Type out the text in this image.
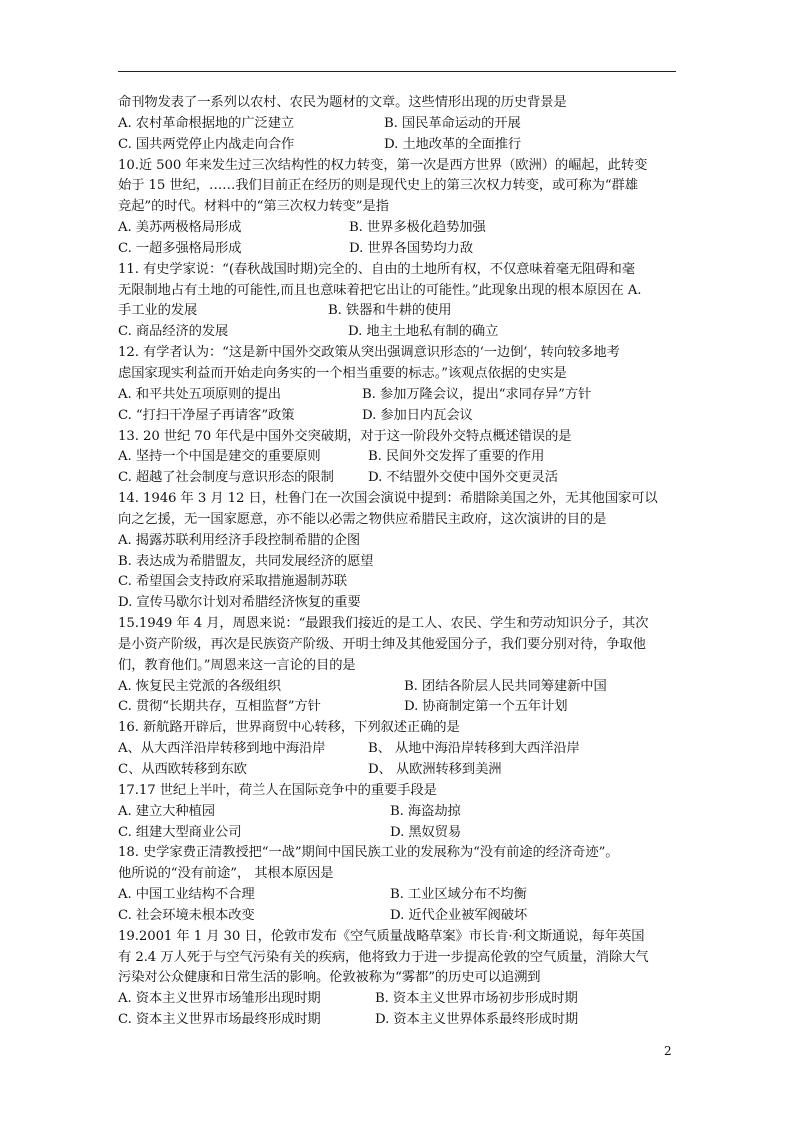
命刊物发表了一系列以农村、农民为题材的文章。这些情形出现的历史背景是
A. 农村革命根据地的广泛建立	B. 国民革命运动的开展
C. 国共两党停止内战走向合作	D. 土地改革的全面推行
10.近 500 年来发生过三次结构性的权力转变，第一次是西方世界（欧洲）的崛起，此转变
始于 15 世纪，……我们目前正在经历的则是现代史上的第三次权力转变，或可称为“群雄
竞起”的时代。材料中的“第三次权力转变”是指
A. 美苏两极格局形成	B. 世界多极化趋势加强
C. 一超多强格局形成	D. 世界各国势均力敌
11. 有史学家说：“(春秋战国时期)完全的、自由的土地所有权，不仅意味着毫无阻碍和毫
无限制地占有土地的可能性,而且也意味着把它出让的可能性。”此现象出现的根本原因在 A.
手工业的发展	B. 铁器和牛耕的使用
C. 商品经济的发展	D. 地主土地私有制的确立
12. 有学者认为：“这是新中国外交政策从突出强调意识形态的‘一边倒’，转向较多地考
虑国家现实利益而开始走向务实的一个相当重要的标志。”该观点依据的史实是
A. 和平共处五项原则的提出	B. 参加万隆会议，提出“求同存异”方针
C. “打扫干净屋子再请客”政策	D. 参加日内瓦会议
13. 20 世纪 70 年代是中国外交突破期，对于这一阶段外交特点概述错误的是
A. 坚持一个中国是建交的重要原则	B. 民间外交发挥了重要的作用
C. 超越了社会制度与意识形态的限制	D. 不结盟外交使中国外交更灵活
14. 1946 年 3 月 12 日，杜鲁门在一次国会演说中提到：希腊除美国之外，无其他国家可以
向之乞援，无一国家愿意，亦不能以必需之物供应希腊民主政府，这次演讲的目的是
A. 揭露苏联利用经济手段控制希腊的企图
B. 表达成为希腊盟友，共同发展经济的愿望
C. 希望国会支持政府采取措施遏制苏联
D. 宣传马歇尔计划对希腊经济恢复的重要
15.1949 年 4 月，周恩来说：“最跟我们接近的是工人、农民、学生和劳动知识分子，其次
是小资产阶级，再次是民族资产阶级、开明士绅及其他爱国分子，我们要分别对待，争取他
们，教育他们。”周恩来这一言论的目的是
A. 恢复民主党派的各级组织	B. 团结各阶层人民共同筹建新中国
C. 贯彻“长期共存，互相监督”方针	D. 协商制定第一个五年计划
16. 新航路开辟后，世界商贸中心转移，下列叙述正确的是
A、从大西洋沿岸转移到地中海沿岸	B、 从地中海沿岸转移到大西洋沿岸
C、从西欧转移到东欧	D、 从欧洲转移到美洲
17.17 世纪上半叶，荷兰人在国际竞争中的重要手段是
A. 建立大种植园	B. 海盗劫掠
C. 组建大型商业公司	D. 黑奴贸易
18. 史学家费正清教授把“一战”期间中国民族工业的发展称为“没有前途的经济奇迹”。
他所说的“没有前途”， 其根本原因是
A. 中国工业结构不合理	B. 工业区域分布不均衡
C. 社会环境未根本改变	D. 近代企业被军阀破坏
19.2001 年 1 月 30 日，伦敦市发布《空气质量战略草案》市长肯·利文斯通说，每年英国
有 2.4 万人死于与空气污染有关的疾病，他将致力于进一步提高伦敦的空气质量，消除大气
污染对公众健康和日常生活的影响。伦敦被称为“雾都”的历史可以追溯到
A. 资本主义世界市场雏形出现时期	B. 资本主义世界市场初步形成时期
C. 资本主义世界市场最终形成时期	D. 资本主义世界体系最终形成时期
2
